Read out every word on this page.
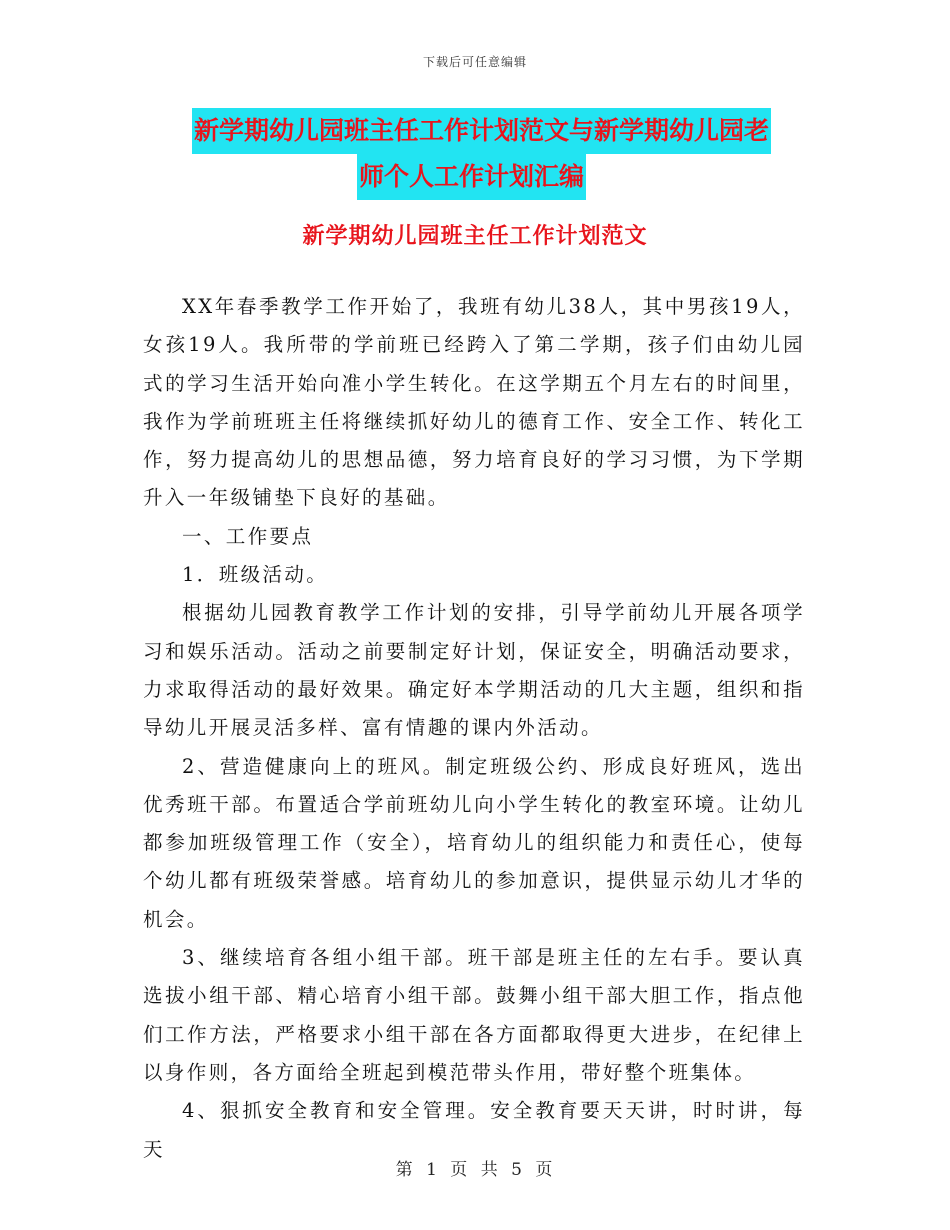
下载后可任意编辑
新学期幼儿园班主任工作计划范文与新学期幼儿园老
师个人工作计划汇编
新学期幼儿园班主任工作计划范文

XX年春季教学工作开始了，我班有幼儿38人，其中男孩19人，女孩19人。我所带的学前班已经跨入了第二学期，孩子们由幼儿园式的学习生活开始向准小学生转化。在这学期五个月左右的时间里，我作为学前班班主任将继续抓好幼儿的德育工作、安全工作、转化工作，努力提高幼儿的思想品德，努力培育良好的学习习惯，为下学期升入一年级铺垫下良好的基础。

一、工作要点

1．班级活动。

根据幼儿园教育教学工作计划的安排，引导学前幼儿开展各项学习和娱乐活动。活动之前要制定好计划，保证安全，明确活动要求，力求取得活动的最好效果。确定好本学期活动的几大主题，组织和指导幼儿开展灵活多样、富有情趣的课内外活动。

2、营造健康向上的班风。制定班级公约、形成良好班风，选出优秀班干部。布置适合学前班幼儿向小学生转化的教室环境。让幼儿都参加班级管理工作（安全），培育幼儿的组织能力和责任心，使每个幼儿都有班级荣誉感。培育幼儿的参加意识，提供显示幼儿才华的机会。

3、继续培育各组小组干部。班干部是班主任的左右手。要认真选拔小组干部、精心培育小组干部。鼓舞小组干部大胆工作，指点他们工作方法，严格要求小组干部在各方面都取得更大进步，在纪律上以身作则，各方面给全班起到模范带头作用，带好整个班集体。

4、狠抓安全教育和安全管理。安全教育要天天讲，时时讲，每天

第 1 页 共 5 页
